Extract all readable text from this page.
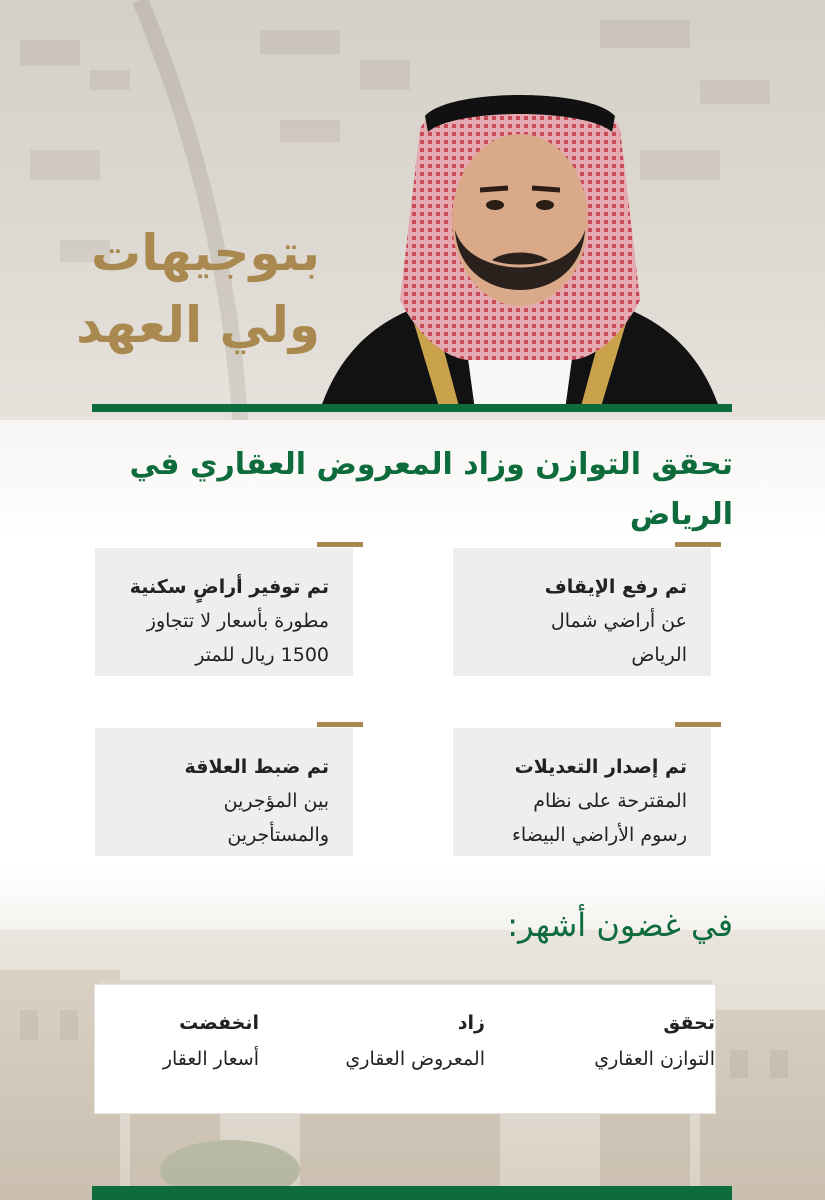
بتوجيهات
ولي العهد
تحقق التوازن وزاد المعروض العقاري في الرياض
تم رفع الإيقاف
عن أراضي شمال
الرياض
تم توفير أراضٍ سكنية
مطورة بأسعار لا تتجاوز
1500 ريال للمتر
تم إصدار التعديلات
المقترحة على نظام
رسوم الأراضي البيضاء
تم ضبط العلاقة
بين المؤجرين
والمستأجرين
في غضون أشهر:
تحقق
التوازن العقاري
زاد
المعروض العقاري
انخفضت
أسعار العقار
